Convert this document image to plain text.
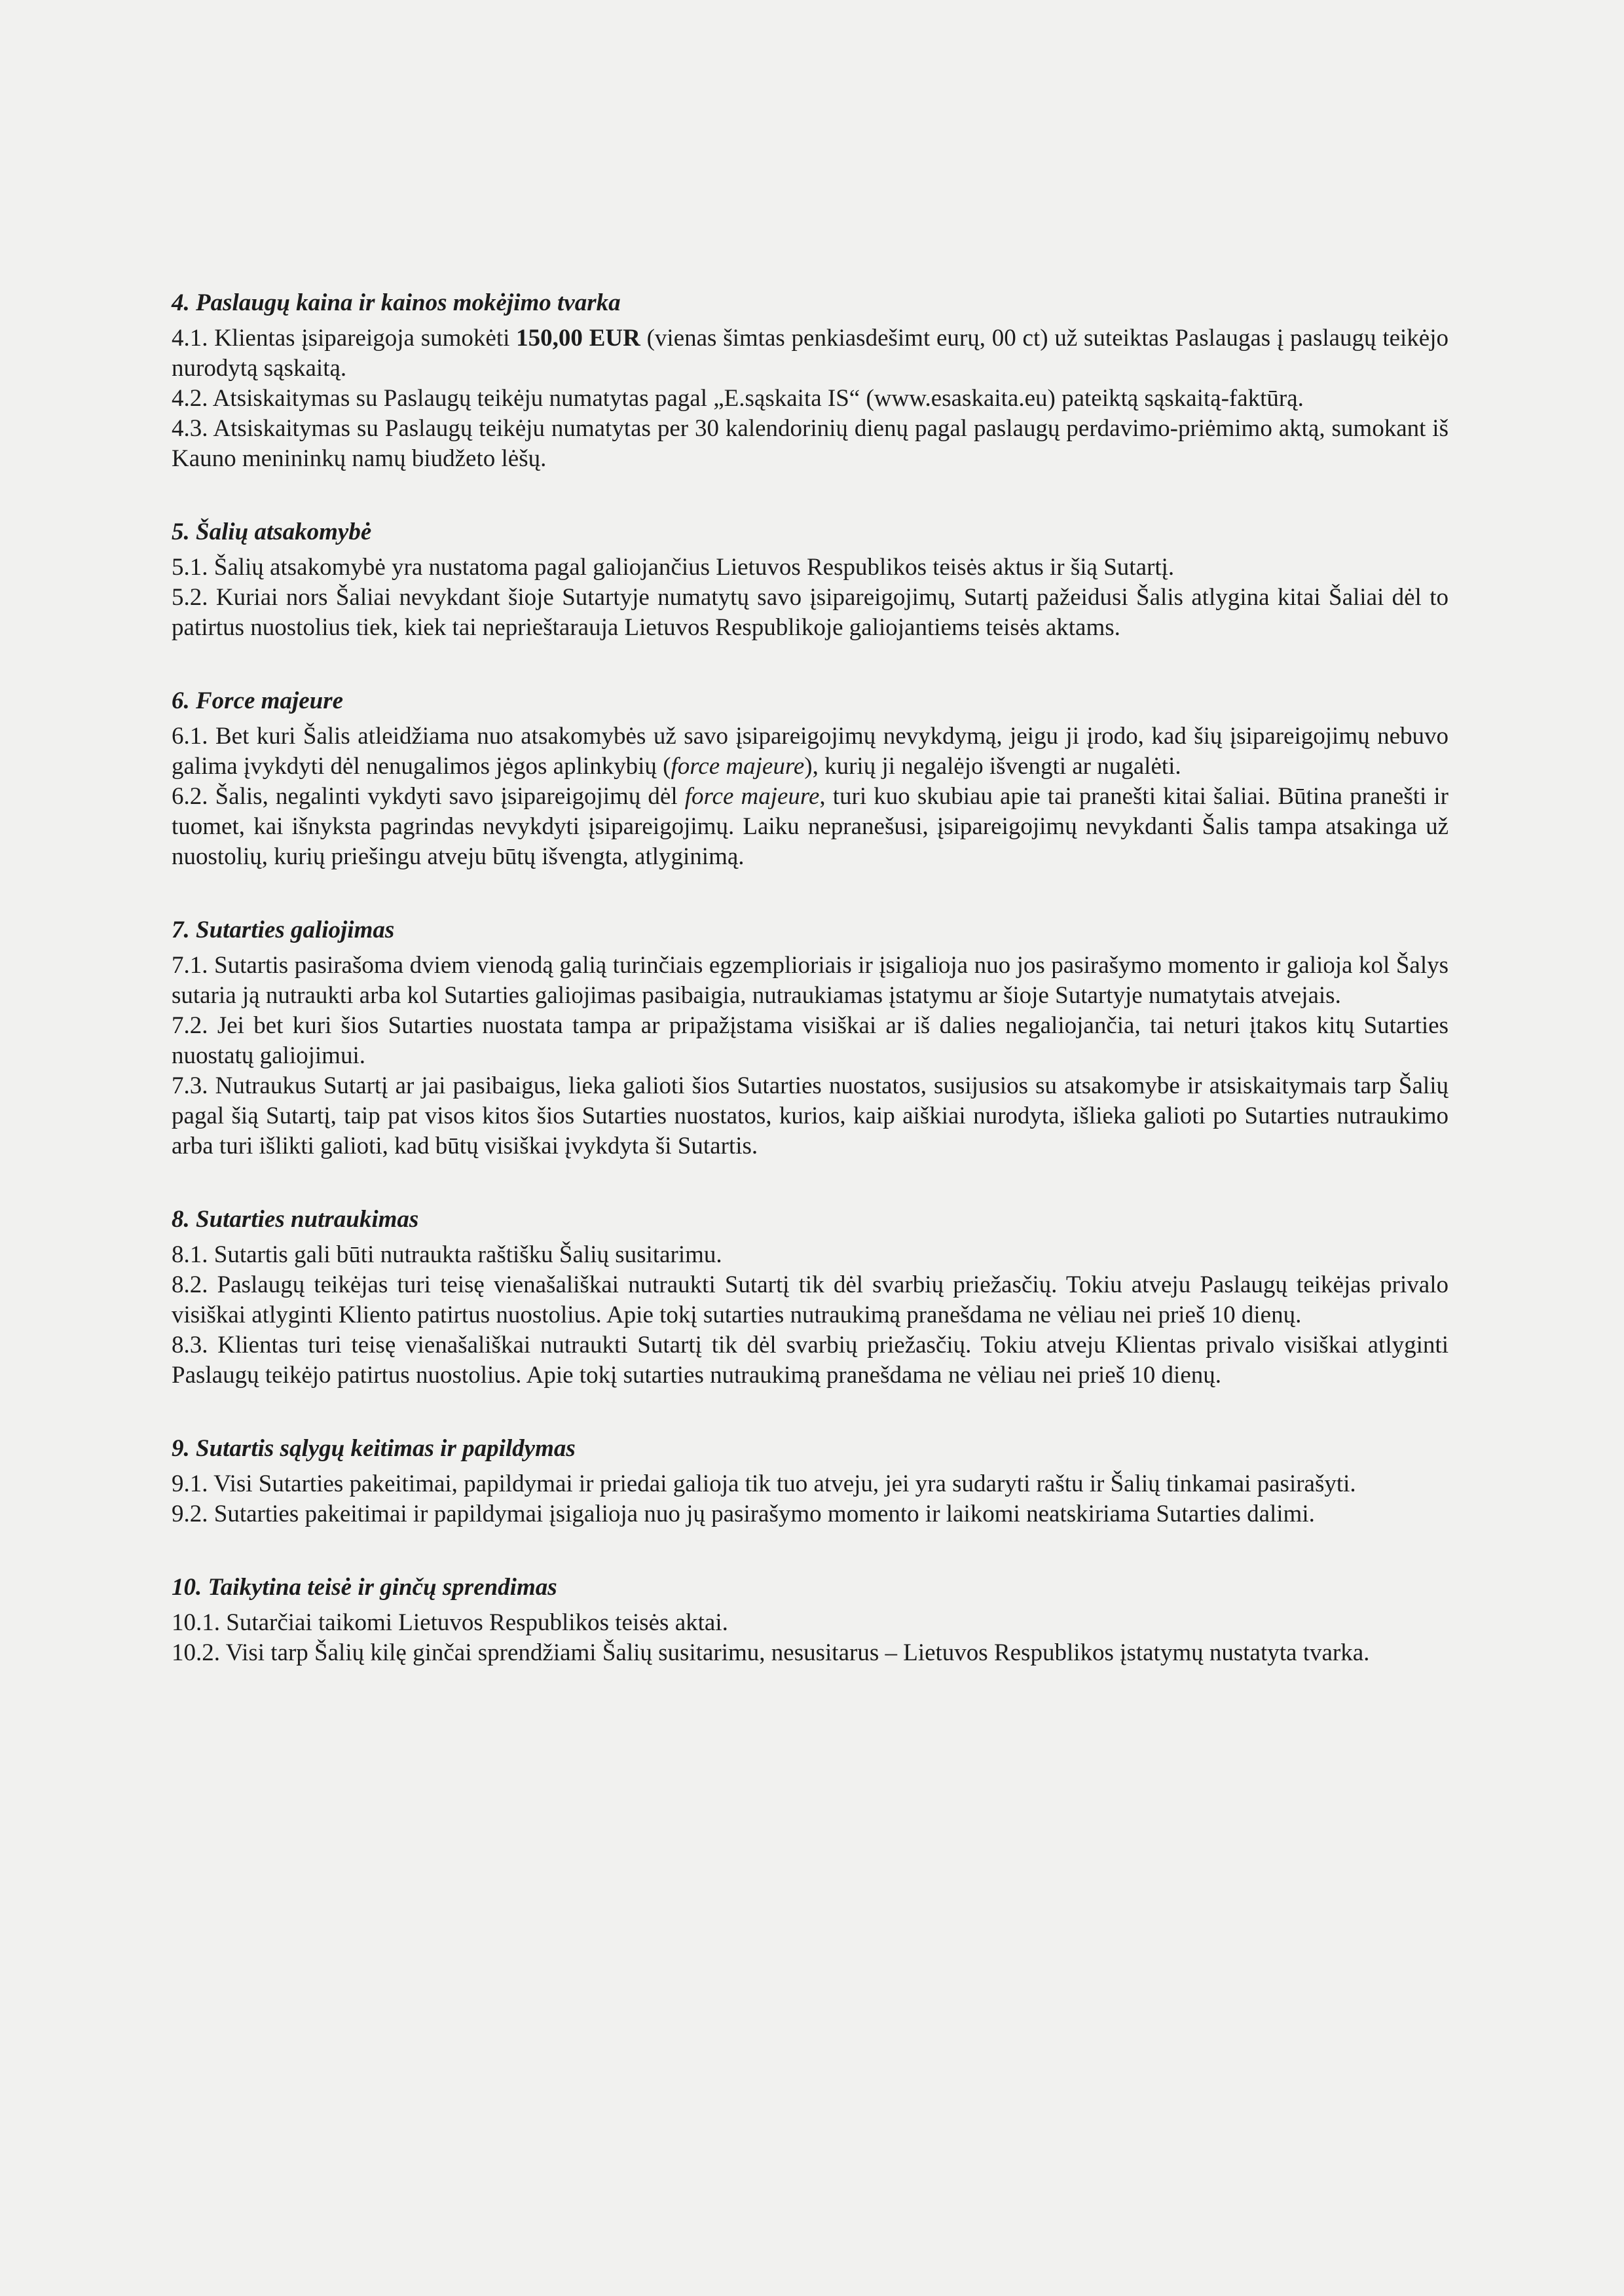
4. Paslaugų kaina ir kainos mokėjimo tvarka

4.1. Klientas įsipareigoja sumokėti 150,00 EUR (vienas šimtas penkiasdešimt eurų, 00 ct) už suteiktas Paslaugas į paslaugų teikėjo nurodytą sąskaitą.

4.2. Atsiskaitymas su Paslaugų teikėju numatytas pagal „E.sąskaita IS“ (www.esaskaita.eu) pateiktą sąskaitą-faktūrą.

4.3. Atsiskaitymas su Paslaugų teikėju numatytas per 30 kalendorinių dienų pagal paslaugų perdavimo-priėmimo aktą, sumokant iš Kauno menininkų namų biudžeto lėšų.

5. Šalių atsakomybė

5.1. Šalių atsakomybė yra nustatoma pagal galiojančius Lietuvos Respublikos teisės aktus ir šią Sutartį.

5.2. Kuriai nors Šaliai nevykdant šioje Sutartyje numatytų savo įsipareigojimų, Sutartį pažeidusi Šalis atlygina kitai Šaliai dėl to patirtus nuostolius tiek, kiek tai neprieštarauja Lietuvos Respublikoje galiojantiems teisės aktams.

6. Force majeure

6.1. Bet kuri Šalis atleidžiama nuo atsakomybės už savo įsipareigojimų nevykdymą, jeigu ji įrodo, kad šių įsipareigojimų nebuvo galima įvykdyti dėl nenugalimos jėgos aplinkybių (force majeure), kurių ji negalėjo išvengti ar nugalėti.

6.2. Šalis, negalinti vykdyti savo įsipareigojimų dėl force majeure, turi kuo skubiau apie tai pranešti kitai šaliai. Būtina pranešti ir tuomet, kai išnyksta pagrindas nevykdyti įsipareigojimų. Laiku nepranešusi, įsipareigojimų nevykdanti Šalis tampa atsakinga už nuostolių, kurių priešingu atveju būtų išvengta, atlyginimą.

7. Sutarties galiojimas

7.1. Sutartis pasirašoma dviem vienodą galią turinčiais egzemplioriais ir įsigalioja nuo jos pasirašymo momento ir galioja kol Šalys sutaria ją nutraukti arba kol Sutarties galiojimas pasibaigia, nutraukiamas įstatymu ar šioje Sutartyje numatytais atvejais.

7.2. Jei bet kuri šios Sutarties nuostata tampa ar pripažįstama visiškai ar iš dalies negaliojančia, tai neturi įtakos kitų Sutarties nuostatų galiojimui.

7.3. Nutraukus Sutartį ar jai pasibaigus, lieka galioti šios Sutarties nuostatos, susijusios su atsakomybe ir atsiskaitymais tarp Šalių pagal šią Sutartį, taip pat visos kitos šios Sutarties nuostatos, kurios, kaip aiškiai nurodyta, išlieka galioti po Sutarties nutraukimo arba turi išlikti galioti, kad būtų visiškai įvykdyta ši Sutartis.

8. Sutarties nutraukimas

8.1. Sutartis gali būti nutraukta raštišku Šalių susitarimu.

8.2. Paslaugų teikėjas turi teisę vienašališkai nutraukti Sutartį tik dėl svarbių priežasčių. Tokiu atveju Paslaugų teikėjas privalo visiškai atlyginti Kliento patirtus nuostolius. Apie tokį sutarties nutraukimą pranešdama ne vėliau nei prieš 10 dienų.

8.3. Klientas turi teisę vienašališkai nutraukti Sutartį tik dėl svarbių priežasčių. Tokiu atveju Klientas privalo visiškai atlyginti Paslaugų teikėjo patirtus nuostolius. Apie tokį sutarties nutraukimą pranešdama ne vėliau nei prieš 10 dienų.

9. Sutartis sąlygų keitimas ir papildymas

9.1. Visi Sutarties pakeitimai, papildymai ir priedai galioja tik tuo atveju, jei yra sudaryti raštu ir Šalių tinkamai pasirašyti.

9.2. Sutarties pakeitimai ir papildymai įsigalioja nuo jų pasirašymo momento ir laikomi neatskiriama Sutarties dalimi.

10. Taikytina teisė ir ginčų sprendimas

10.1. Sutarčiai taikomi Lietuvos Respublikos teisės aktai.

10.2. Visi tarp Šalių kilę ginčai sprendžiami Šalių susitarimu, nesusitarus – Lietuvos Respublikos įstatymų nustatyta tvarka.
